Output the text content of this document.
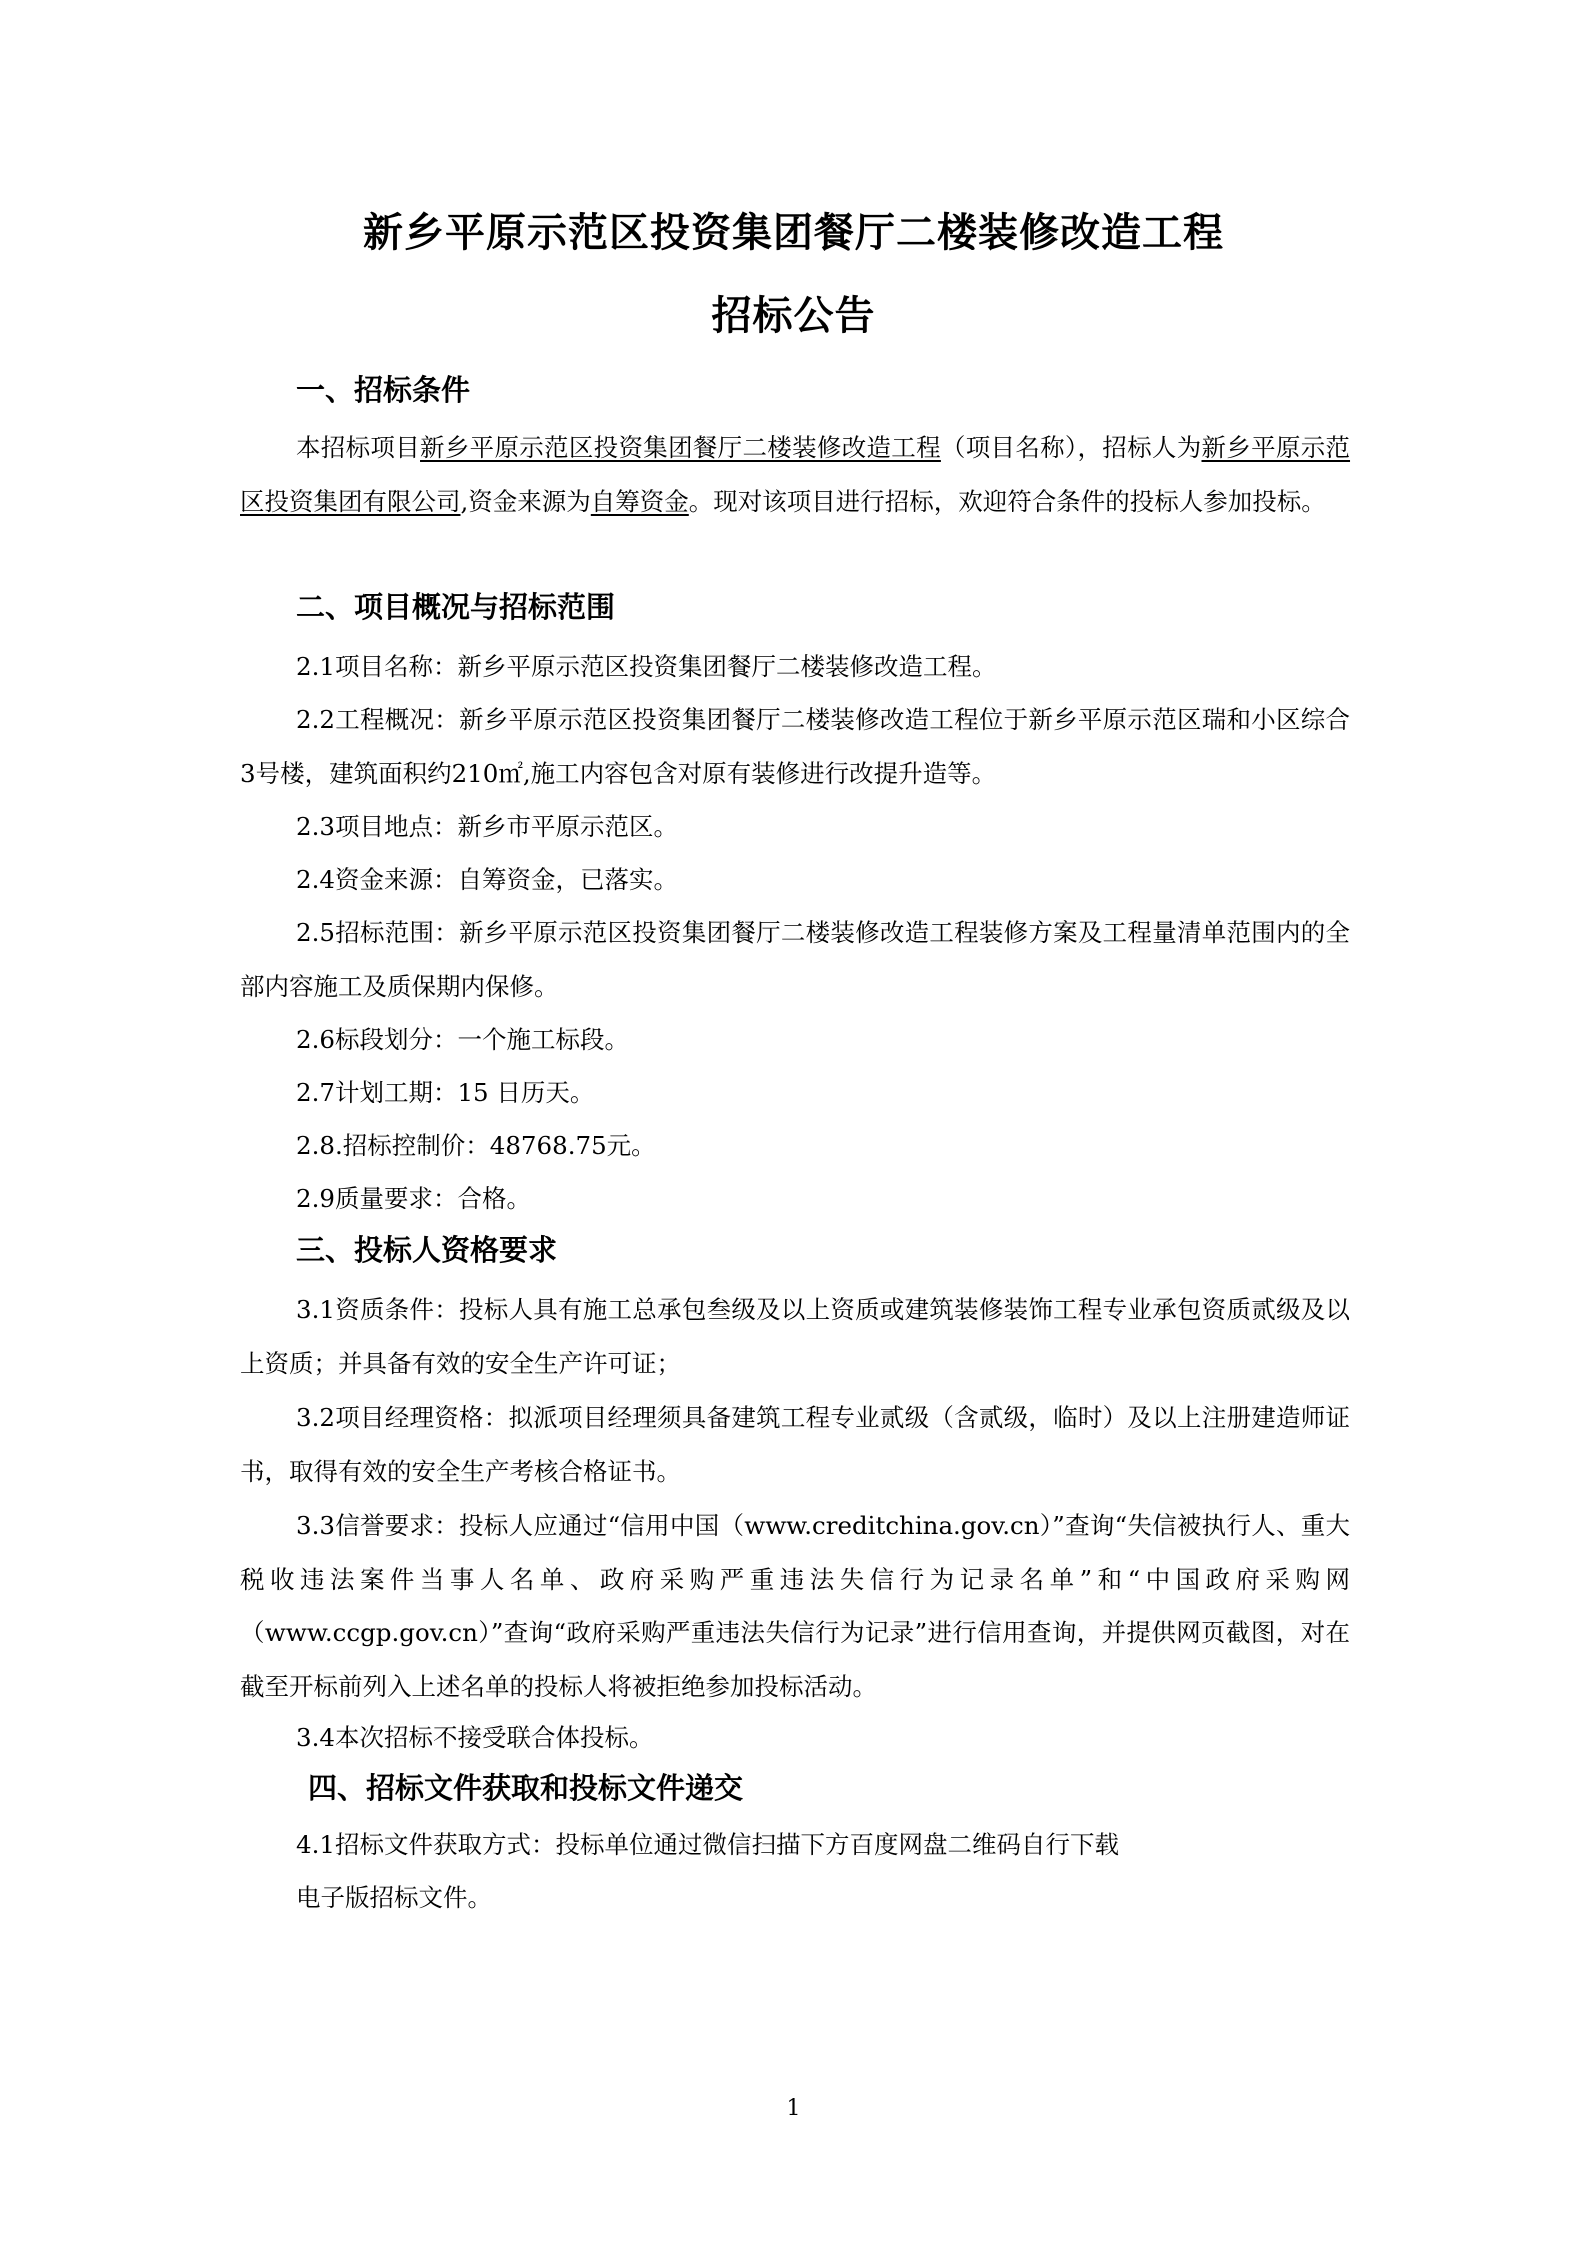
新乡平原示范区投资集团餐厅二楼装修改造工程
招标公告
一、招标条件
本招标项目新乡平原示范区投资集团餐厅二楼装修改造工程（项目名称），招标人为新乡平原示范区投资集团有限公司,资金来源为自筹资金。现对该项目进行招标，欢迎符合条件的投标人参加投标。
二、项目概况与招标范围
2.1项目名称：新乡平原示范区投资集团餐厅二楼装修改造工程。
2.2工程概况：新乡平原示范区投资集团餐厅二楼装修改造工程位于新乡平原示范区瑞和小区综合3号楼，建筑面积约210㎡,施工内容包含对原有装修进行改提升造等。
2.3项目地点：新乡市平原示范区。
2.4资金来源：自筹资金，已落实。
2.5招标范围：新乡平原示范区投资集团餐厅二楼装修改造工程装修方案及工程量清单范围内的全部内容施工及质保期内保修。
2.6标段划分：一个施工标段。
2.7计划工期：15 日历天。
2.8.招标控制价：48768.75元。
2.9质量要求：合格。
三、投标人资格要求
3.1资质条件：投标人具有施工总承包叁级及以上资质或建筑装修装饰工程专业承包资质贰级及以上资质；并具备有效的安全生产许可证；
3.2项目经理资格：拟派项目经理须具备建筑工程专业贰级（含贰级，临时）及以上注册建造师证书，取得有效的安全生产考核合格证书。
3.3信誉要求：投标人应通过“信用中国（www.creditchina.gov.cn）”查询“失信被执行人、重大税收违法案件当事人名单、政府采购严重违法失信行为记录名单”和“中国政府采购网（www.ccgp.gov.cn）”查询“政府采购严重违法失信行为记录”进行信用查询，并提供网页截图，对在截至开标前列入上述名单的投标人将被拒绝参加投标活动。
3.4本次招标不接受联合体投标。
四、招标文件获取和投标文件递交
4.1招标文件获取方式：投标单位通过微信扫描下方百度网盘二维码自行下载
电子版招标文件。
1
